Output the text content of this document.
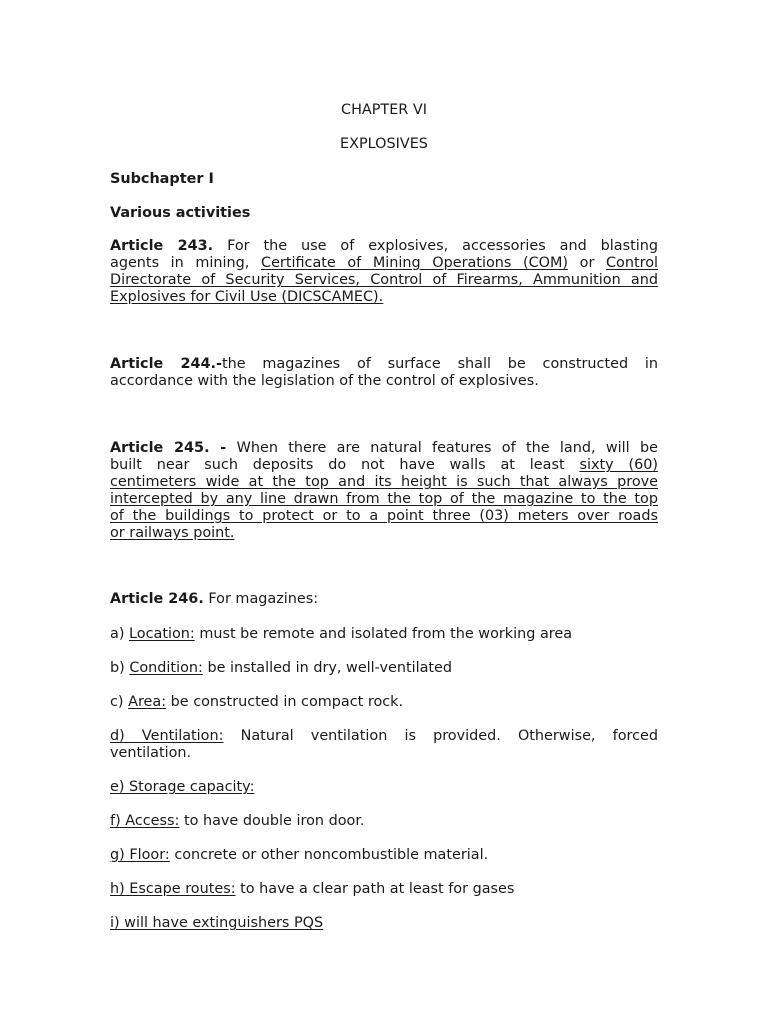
CHAPTER VI
EXPLOSIVES
Subchapter I
Various activities
Article 243. For the use of explosives, accessories and blasting
agents in mining, Certificate of Mining Operations (COM) or Control
Directorate of Security Services, Control of Firearms, Ammunition and
Explosives for Civil Use (DICSCAMEC).
Article 244.-the magazines of surface shall be constructed in
accordance with the legislation of the control of explosives.
Article 245. - When there are natural features of the land, will be
built near such deposits do not have walls at least sixty (60)
centimeters wide at the top and its height is such that always prove
intercepted by any line drawn from the top of the magazine to the top
of the buildings to protect or to a point three (03) meters over roads
or railways point.
Article 246. For magazines:
a) Location: must be remote and isolated from the working area
b) Condition: be installed in dry, well-ventilated
c) Area: be constructed in compact rock.
d) Ventilation: Natural ventilation is provided. Otherwise, forced
ventilation.
e) Storage capacity:
f) Access: to have double iron door.
g) Floor: concrete or other noncombustible material.
h) Escape routes: to have a clear path at least for gases
i) will have extinguishers PQS
